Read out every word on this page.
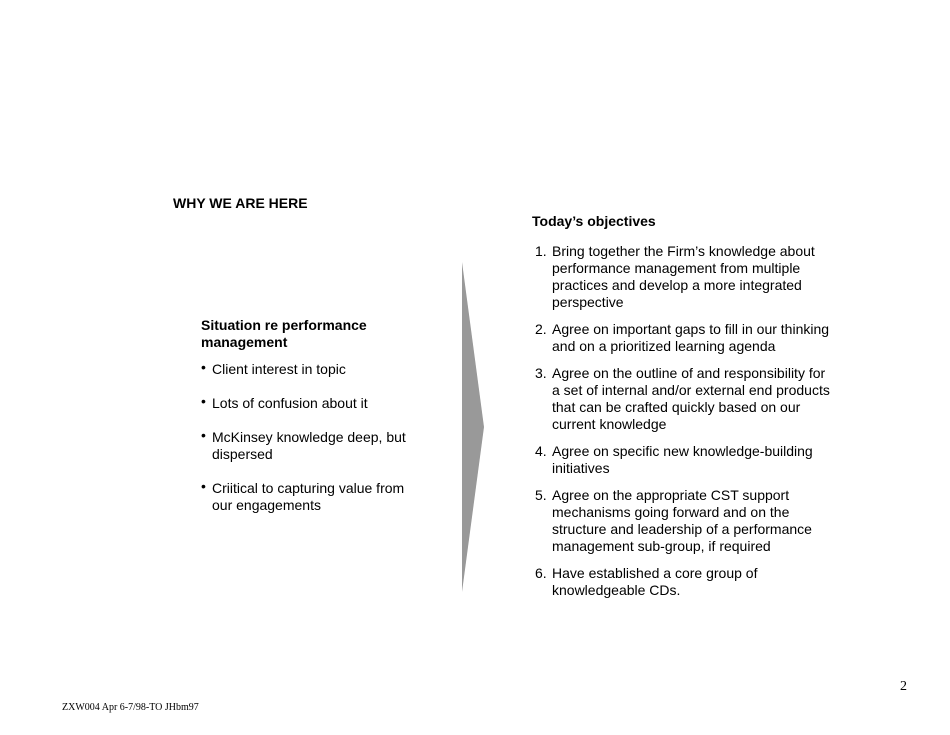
WHY WE ARE HERE
Situation re performance management
• Client interest in topic
• Lots of confusion about it
• McKinsey knowledge deep, but dispersed
• Criitical to capturing value from our engagements
Today’s objectives
1. Bring together the Firm’s knowledge about performance management from multiple practices and develop a more integrated perspective
2. Agree on important gaps to fill in our thinking and on a prioritized learning agenda
3. Agree on the outline of and responsibility for a set of internal and/or external end products that can be crafted quickly based on our current knowledge
4. Agree on specific new knowledge-building initiatives
5. Agree on the appropriate CST support mechanisms going forward and on the structure and leadership of a performance management sub-group, if required
6. Have established a core group of knowledgeable CDs.
2
ZXW004 Apr 6-7/98-TO JHbm97
